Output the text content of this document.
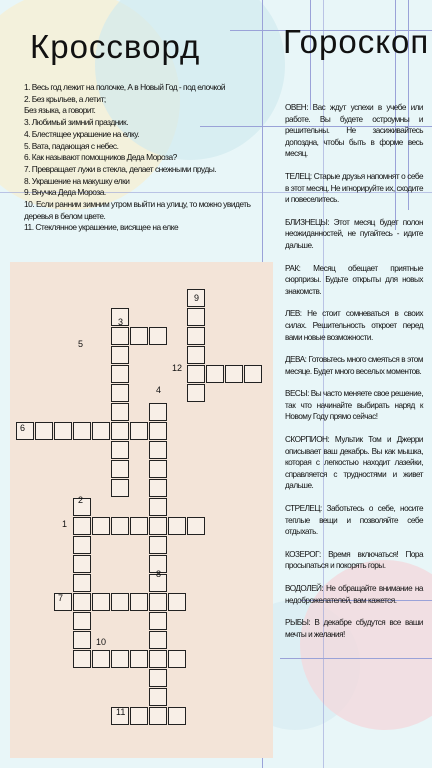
Кроссворд	Гороскоп
1. Весь год лежит на полочке, А в Новый Год - под елочкой
2. Без крыльев, а летит;
Без языка, а говорит.
3. Любимый зимний праздник.
4. Блестящее украшение на елку.
5. Вата, падающая с небес.
6. Как называют помощников Деда Мороза?
7. Превращает лужи в стекла, делает снежными пруды.
8. Украшение на макушку елки
9. Внучка Деда Мороза.
10. Если ранним зимним утром выйти на улицу, то можно увидеть деревья в белом цвете.
11. Стеклянное украшение, висящее на елке

ОВЕН: Вас ждут успехи в учебе или работе. Вы будете остроумны и решительны. Не засиживайтесь допоздна, чтобы быть в форме весь месяц.

ТЕЛЕЦ: Старые друзья напомнят о себе в этот месяц. Не игнорируйте их, сходите и повеселитесь.

БЛИЗНЕЦЫ: Этот месяц будет полон неожиданностей, не пугайтесь - идите дальше.

РАК: Месяц обещает приятные сюрпризы. Будьте открыты для новых знакомств.

ЛЕВ: Не стоит сомневаться в своих силах. Решительность откроет перед вами новые возможности.

ДЕВА: Готовьтесь много смеяться в этом месяце. Будет много веселых моментов.

ВЕСЫ: Вы часто меняете свое решение, так что начинайте выбирать наряд к Новому Году прямо сейчас!

СКОРПИОН: Мультик Том и Джерри описывает ваш декабрь. Вы как мышка, которая с легкостью находит лазейки, справляется с трудностями и живет дальше.

СТРЕЛЕЦ: Заботьтесь о себе, носите теплые вещи и позволяйте себе отдыхать.

КОЗЕРОГ: Время включаться! Пора просыпаться и покорять горы.

ВОДОЛЕЙ: Не обращайте внимание на недоброжелателей, вам кажется.

РЫБЫ: В декабре сбудутся все ваши мечты и желания!

1
2
3
4
5
6
7
8
9
10
11
12
